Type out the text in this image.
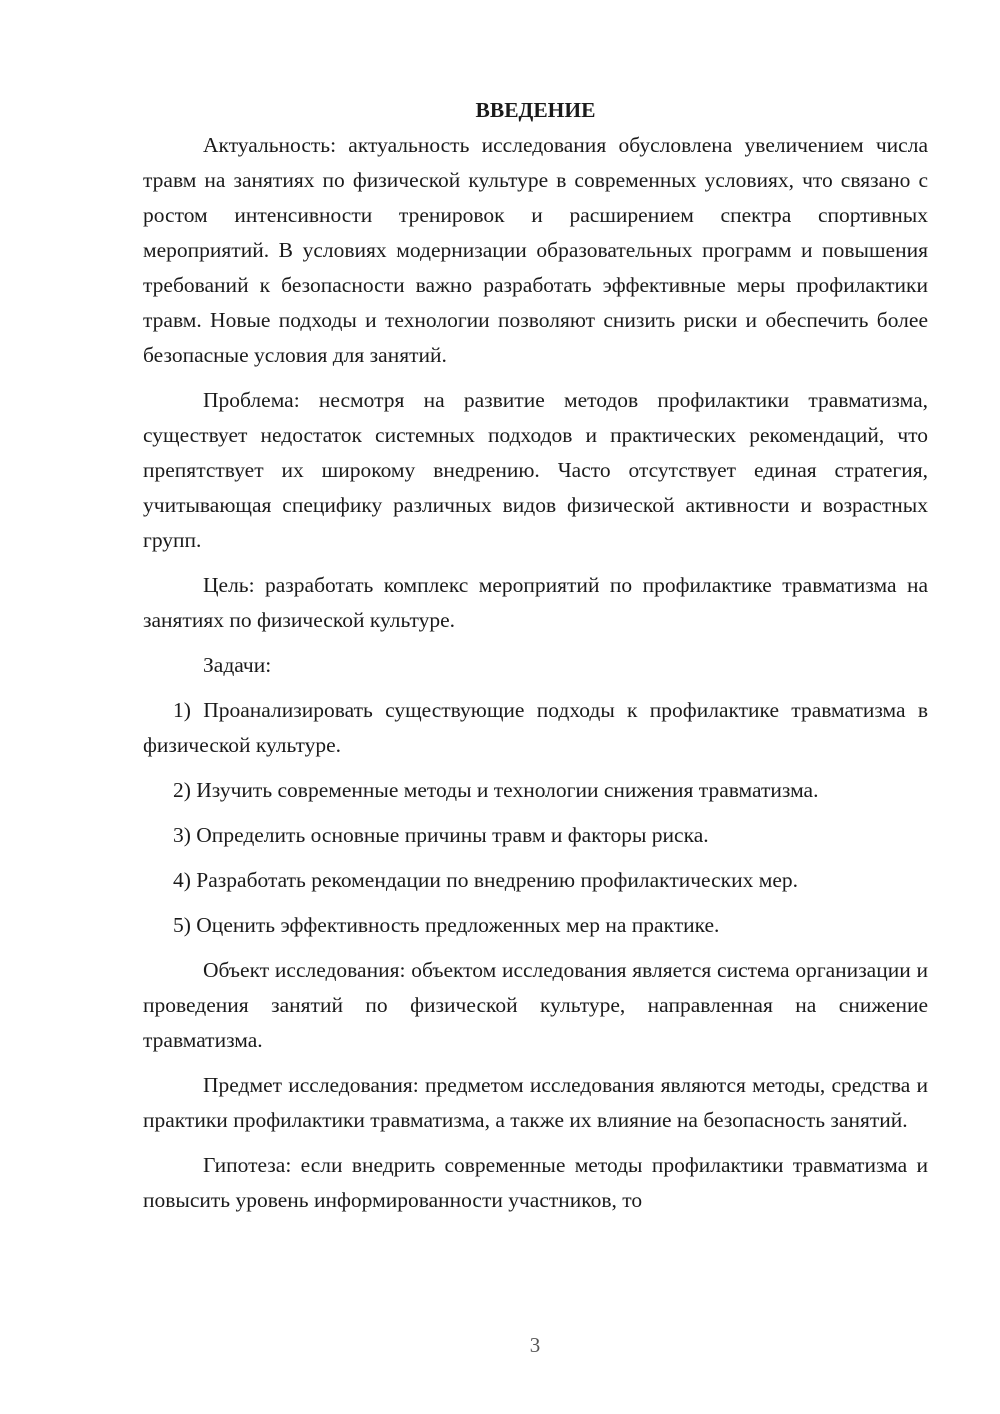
ВВЕДЕНИЕ

Актуальность: актуальность исследования обусловлена увеличением числа травм на занятиях по физической культуре в современных условиях, что связано с ростом интенсивности тренировок и расширением спектра спортивных мероприятий. В условиях модернизации образовательных программ и повышения требований к безопасности важно разработать эффективные меры профилактики травм. Новые подходы и технологии позволяют снизить риски и обеспечить более безопасные условия для занятий.

Проблема: несмотря на развитие методов профилактики травматизма, существует недостаток системных подходов и практических рекомендаций, что препятствует их широкому внедрению. Часто отсутствует единая стратегия, учитывающая специфику различных видов физической активности и возрастных групп.

Цель: разработать комплекс мероприятий по профилактике травматизма на занятиях по физической культуре.

Задачи:

1) Проанализировать существующие подходы к профилактике травматизма в физической культуре.

2) Изучить современные методы и технологии снижения травматизма.

3) Определить основные причины травм и факторы риска.

4) Разработать рекомендации по внедрению профилактических мер.

5) Оценить эффективность предложенных мер на практике.

Объект исследования: объектом исследования является система организации и проведения занятий по физической культуре, направленная на снижение травматизма.

Предмет исследования: предметом исследования являются методы, средства и практики профилактики травматизма, а также их влияние на безопасность занятий.

Гипотеза: если внедрить современные методы профилактики травматизма и повысить уровень информированности участников, то

3
